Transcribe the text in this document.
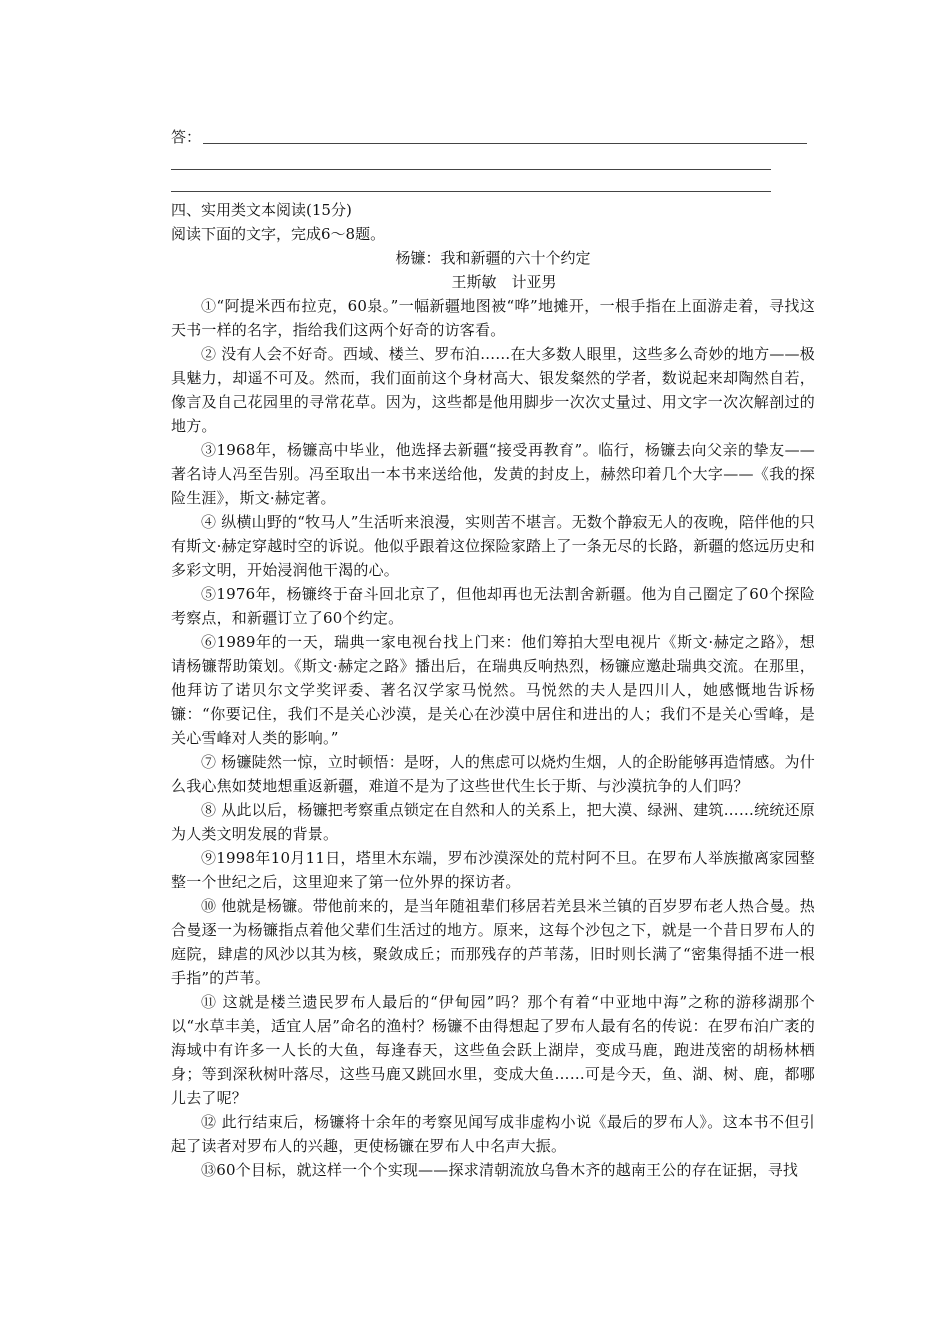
答：

四、实用类文本阅读(15分)

阅读下面的文字，完成6～8题。

杨镰：我和新疆的六十个约定

王斯敏　计亚男

①“阿提米西布拉克，60泉。”一幅新疆地图被“哗”地摊开，一根手指在上面游走着，寻找这天书一样的名字，指给我们这两个好奇的访客看。

② 没有人会不好奇。西域、楼兰、罗布泊……在大多数人眼里，这些多么奇妙的地方——极具魅力，却遥不可及。然而，我们面前这个身材高大、银发粲然的学者，数说起来却陶然自若，像言及自己花园里的寻常花草。因为，这些都是他用脚步一次次丈量过、用文字一次次解剖过的地方。

③1968年，杨镰高中毕业，他选择去新疆“接受再教育”。临行，杨镰去向父亲的挚友——著名诗人冯至告别。冯至取出一本书来送给他，发黄的封皮上，赫然印着几个大字——《我的探险生涯》，斯文·赫定著。

④ 纵横山野的“牧马人”生活听来浪漫，实则苦不堪言。无数个静寂无人的夜晚，陪伴他的只有斯文·赫定穿越时空的诉说。他似乎跟着这位探险家踏上了一条无尽的长路，新疆的悠远历史和多彩文明，开始浸润他干渴的心。

⑤1976年，杨镰终于奋斗回北京了，但他却再也无法割舍新疆。他为自己圈定了60个探险考察点，和新疆订立了60个约定。

⑥1989年的一天，瑞典一家电视台找上门来：他们筹拍大型电视片《斯文·赫定之路》，想请杨镰帮助策划。《斯文·赫定之路》播出后，在瑞典反响热烈，杨镰应邀赴瑞典交流。在那里，他拜访了诺贝尔文学奖评委、著名汉学家马悦然。马悦然的夫人是四川人，她感慨地告诉杨镰：“你要记住，我们不是关心沙漠，是关心在沙漠中居住和进出的人；我们不是关心雪峰，是关心雪峰对人类的影响。”

⑦ 杨镰陡然一惊，立时顿悟：是呀，人的焦虑可以烧灼生烟，人的企盼能够再造情感。为什么我心焦如焚地想重返新疆，难道不是为了这些世代生长于斯、与沙漠抗争的人们吗？

⑧ 从此以后，杨镰把考察重点锁定在自然和人的关系上，把大漠、绿洲、建筑……统统还原为人类文明发展的背景。

⑨1998年10月11日，塔里木东端，罗布沙漠深处的荒村阿不旦。在罗布人举族撤离家园整整一个世纪之后，这里迎来了第一位外界的探访者。

⑩ 他就是杨镰。带他前来的，是当年随祖辈们移居若羌县米兰镇的百岁罗布老人热合曼。热合曼逐一为杨镰指点着他父辈们生活过的地方。原来，这每个沙包之下，就是一个昔日罗布人的庭院，肆虐的风沙以其为核，聚敛成丘；而那残存的芦苇荡，旧时则长满了“密集得插不进一根手指”的芦苇。

⑪ 这就是楼兰遗民罗布人最后的“伊甸园”吗？那个有着“中亚地中海”之称的游移湖那个以“水草丰美，适宜人居”命名的渔村？杨镰不由得想起了罗布人最有名的传说：在罗布泊广袤的海域中有许多一人长的大鱼，每逢春天，这些鱼会跃上湖岸，变成马鹿，跑进茂密的胡杨林栖身；等到深秋树叶落尽，这些马鹿又跳回水里，变成大鱼……可是今天，鱼、湖、树、鹿，都哪儿去了呢？

⑫ 此行结束后，杨镰将十余年的考察见闻写成非虚构小说《最后的罗布人》。这本书不但引起了读者对罗布人的兴趣，更使杨镰在罗布人中名声大振。

⑬60个目标，就这样一个个实现——探求清朝流放乌鲁木齐的越南王公的存在证据，寻找
